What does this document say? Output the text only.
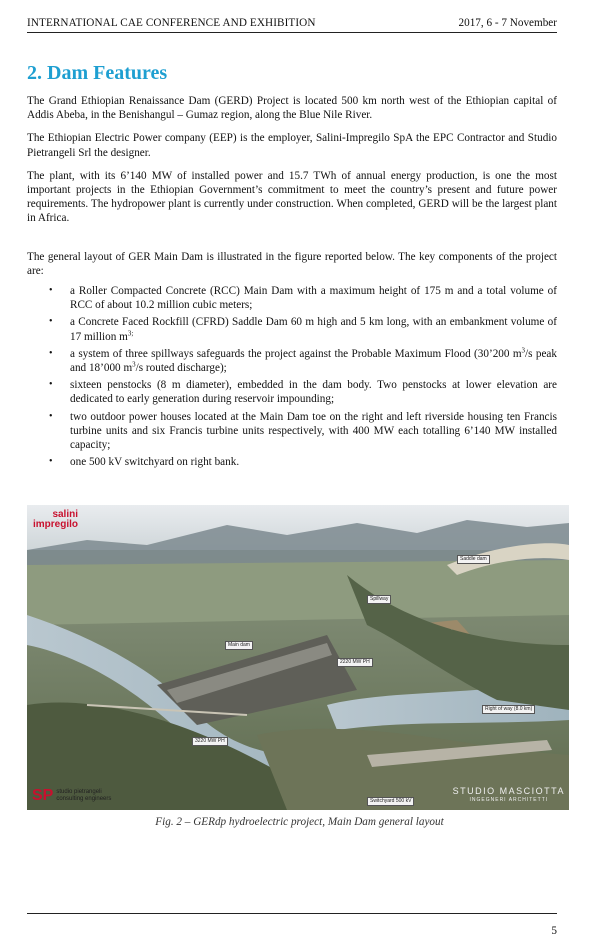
INTERNATIONAL CAE CONFERENCE AND EXHIBITION	2017, 6 - 7 November
2. Dam Features

The Grand Ethiopian Renaissance Dam (GERD) Project is located 500 km north west of the Ethiopian capital of Addis Abeba, in the Benishangul – Gumaz region, along the Blue Nile River.

The Ethiopian Electric Power company (EEP) is the employer, Salini-Impregilo SpA the EPC Contractor and Studio Pietrangeli Srl the designer.

The plant, with its 6’140 MW of installed power and 15.7 TWh of annual energy production, is one the most important projects in the Ethiopian Government’s commitment to meet the country’s present and future power requirements. The hydropower plant is currently under construction. When completed, GERD will be the largest plant in Africa.

The general layout of GER Main Dam is illustrated in the figure reported below. The key components of the project are:

• a Roller Compacted Concrete (RCC) Main Dam with a maximum height of 175 m and a total volume of RCC of about 10.2 million cubic meters;
• a Concrete Faced Rockfill (CFRD) Saddle Dam 60 m high and 5 km long, with an embankment volume of 17 million $m^{3;}$
• a system of three spillways safeguards the project against the Probable Maximum Flood (30’200 $m^3/s$ peak and 18’000 $m^3/s$ routed discharge);
• sixteen penstocks (8 m diameter), embedded in the dam body. Two penstocks at lower elevation are dedicated to early generation during reservoir impounding;
• two outdoor power houses located at the Main Dam toe on the right and left riverside housing ten Francis turbine units and six Francis turbine units respectively, with 400 MW each totalling 6’140 MW installed capacity;
• one 500 kV switchyard on right bank.
salini
impregilo
Saddle dam
Spillway
Main dam
2220 MW PH
Right of way (8.0 km)
3220 MW PH
Switchyard 500 kV
SP studio pietrangeli
consulting engineers
STUDIO MASCIOTTA
INGEGNERI ARCHITETTI
Fig. 2 – GERdp hydroelectric project, Main Dam general layout
5
